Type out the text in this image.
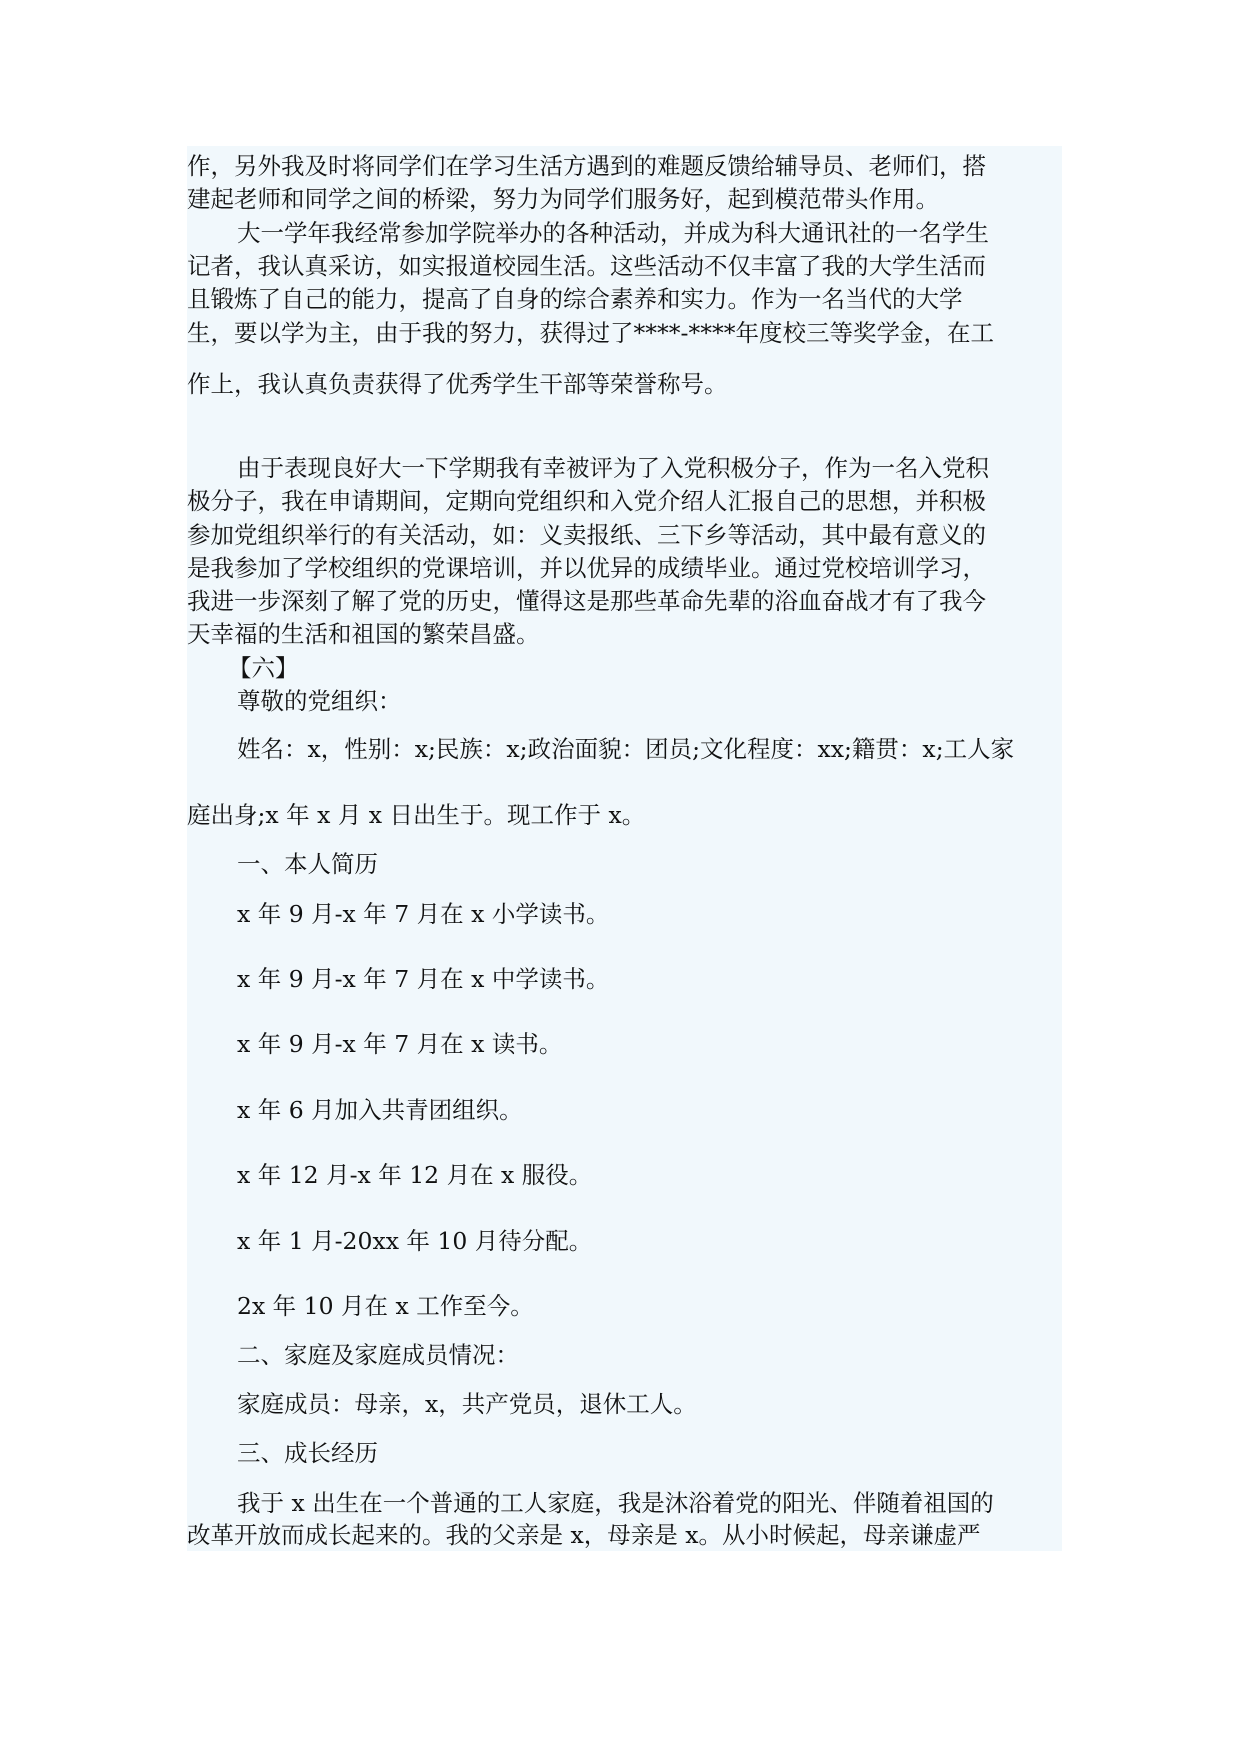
作，另外我及时将同学们在学习生活方遇到的难题反馈给辅导员、老师们，搭
建起老师和同学之间的桥梁，努力为同学们服务好，起到模范带头作用。
大一学年我经常参加学院举办的各种活动，并成为科大通讯社的一名学生
记者，我认真采访，如实报道校园生活。这些活动不仅丰富了我的大学生活而
且锻炼了自己的能力，提高了自身的综合素养和实力。作为一名当代的大学
生，要以学为主，由于我的努力，获得过了****-****年度校三等奖学金，在工
作上，我认真负责获得了优秀学生干部等荣誉称号。
由于表现良好大一下学期我有幸被评为了入党积极分子，作为一名入党积
极分子，我在申请期间，定期向党组织和入党介绍人汇报自己的思想，并积极
参加党组织举行的有关活动，如：义卖报纸、三下乡等活动，其中最有意义的
是我参加了学校组织的党课培训，并以优异的成绩毕业。通过党校培训学习，
我进一步深刻了解了党的历史，懂得这是那些革命先辈的浴血奋战才有了我今
天幸福的生活和祖国的繁荣昌盛。
【六】
尊敬的党组织：
姓名：x，性别：x;民族：x;政治面貌：团员;文化程度：xx;籍贯：x;工人家
庭出身;x 年 x 月 x 日出生于。现工作于 x。
一、本人简历
x 年 9 月-x 年 7 月在 x 小学读书。
x 年 9 月-x 年 7 月在 x 中学读书。
x 年 9 月-x 年 7 月在 x 读书。
x 年 6 月加入共青团组织。
x 年 12 月-x 年 12 月在 x 服役。
x 年 1 月-20xx 年 10 月待分配。
2x 年 10 月在 x 工作至今。
二、家庭及家庭成员情况：
家庭成员：母亲，x，共产党员，退休工人。
三、成长经历
我于 x 出生在一个普通的工人家庭，我是沐浴着党的阳光、伴随着祖国的
改革开放而成长起来的。我的父亲是 x，母亲是 x。从小时候起，母亲谦虚严
